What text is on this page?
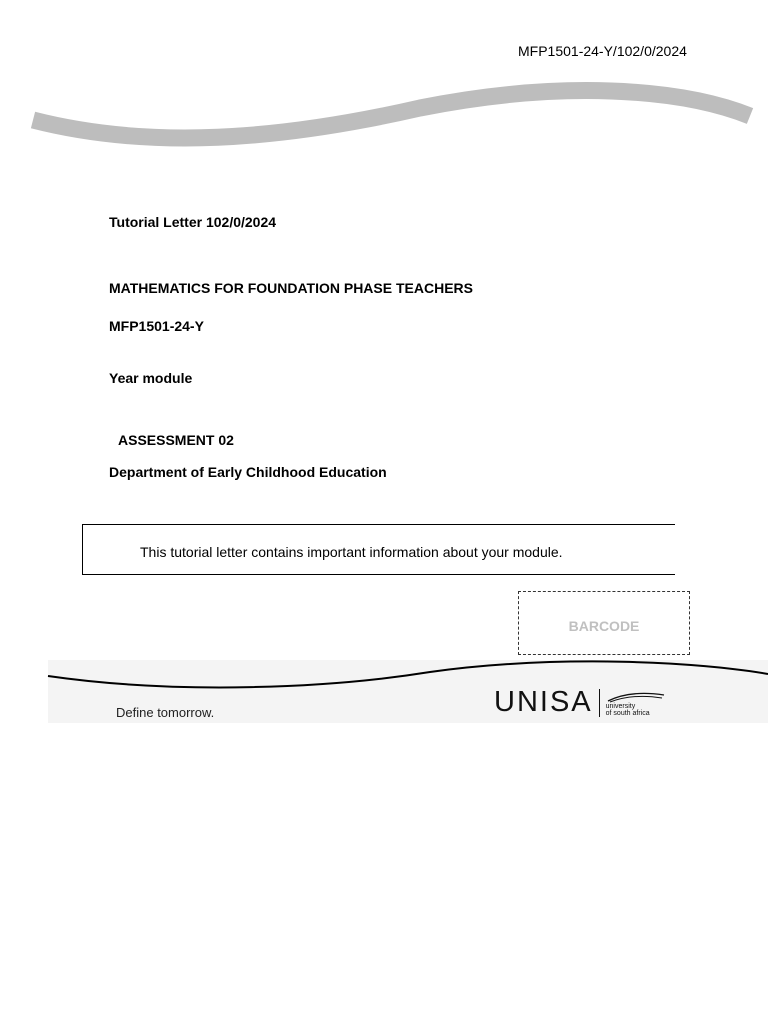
MFP1501-24-Y/102/0/2024
Tutorial Letter 102/0/2024
MATHEMATICS FOR FOUNDATION PHASE TEACHERS
MFP1501-24-Y
Year module
ASSESSMENT 02
Department of Early Childhood Education
This tutorial letter contains important information about your module.
BARCODE
Define tomorrow.	UNISA university
of south africa
